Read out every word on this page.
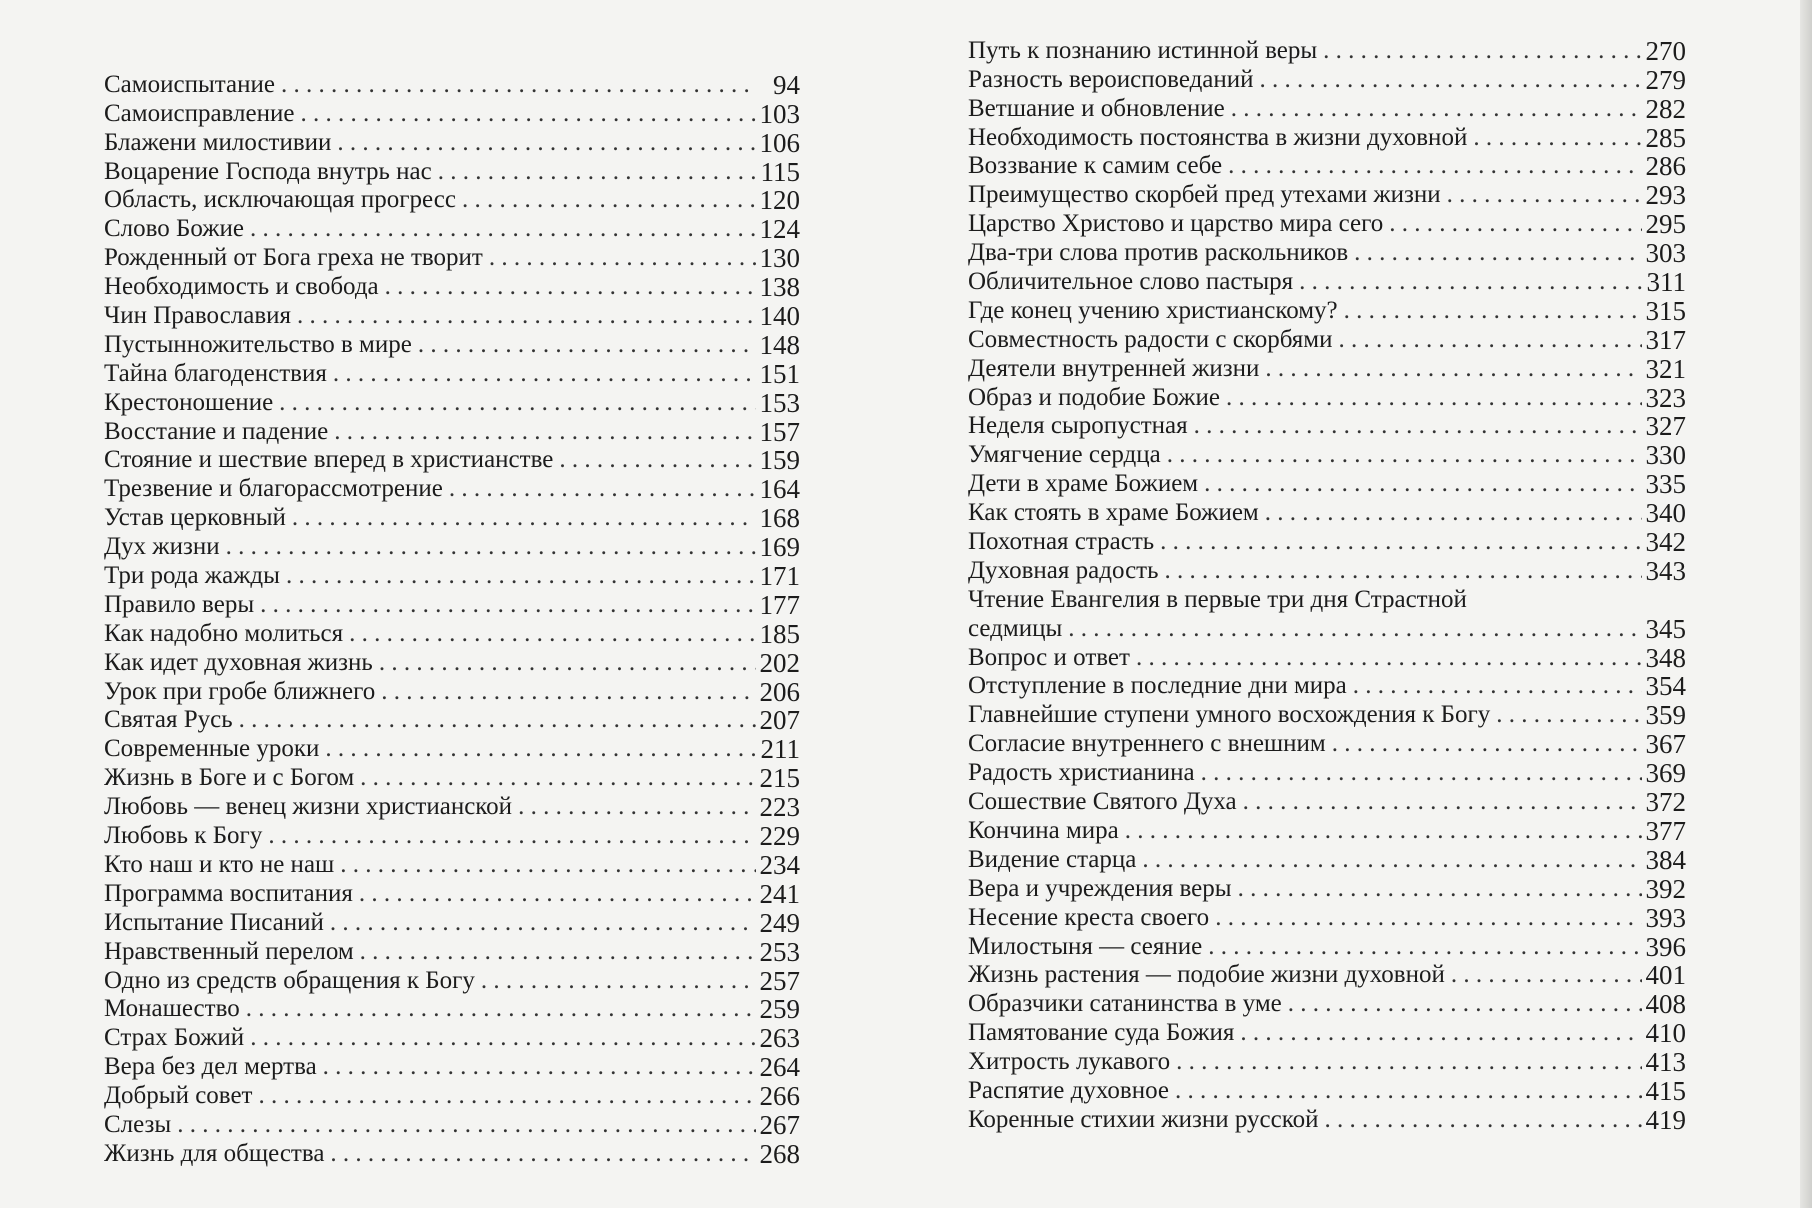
Самоиспытание . . .	94
Самоисправление . . .	103
Блажени милостивии . . .	106
Воцарение Господа внутрь нас . . .	115
Область, исключающая прогресс . . .	120
Слово Божие . . .	124
Рожденный от Бога греха не творит . . .	130
Необходимость и свобода . . .	138
Чин Православия . . .	140
Пустынножительство в мире . . .	148
Тайна благоденствия . . .	151
Крестоношение . . .	153
Восстание и падение . . .	157
Стояние и шествие вперед в христианстве . . .	159
Трезвение и благорассмотрение . . .	164
Устав церковный . . .	168
Дух жизни . . .	169
Три рода жажды . . .	171
Правило веры . . .	177
Как надобно молиться . . .	185
Как идет духовная жизнь . . .	202
Урок при гробе ближнего . . .	206
Святая Русь . . .	207
Современные уроки . . .	211
Жизнь в Боге и с Богом . . .	215
Любовь — венец жизни христианской . . .	223
Любовь к Богу . . .	229
Кто наш и кто не наш . . .	234
Программа воспитания . . .	241
Испытание Писаний . . .	249
Нравственный перелом . . .	253
Одно из средств обращения к Богу . . .	257
Монашество . . .	259
Страх Божий . . .	263
Вера без дел мертва . . .	264
Добрый совет . . .	266
Слезы . . .	267
Жизнь для общества . . .	268
Путь к познанию истинной веры . . .	270
Разность вероисповеданий . . .	279
Ветшание и обновление . . .	282
Необходимость постоянства в жизни духовной . . .	285
Воззвание к самим себе . . .	286
Преимущество скорбей пред утехами жизни . . .	293
Царство Христово и царство мира сего . . .	295
Два-три слова против раскольников . . .	303
Обличительное слово пастыря . . .	311
Где конец учению христианскому? . . .	315
Совместность радости с скорбями . . .	317
Деятели внутренней жизни . . .	321
Образ и подобие Божие . . .	323
Неделя сыропустная . . .	327
Умягчение сердца . . .	330
Дети в храме Божием . . .	335
Как стоять в храме Божием . . .	340
Похотная страсть . . .	342
Духовная радость . . .	343
Чтение Евангелия в первые три дня Страстной
седмицы . . .	345
Вопрос и ответ . . .	348
Отступление в последние дни мира . . .	354
Главнейшие ступени умного восхождения к Богу . . .	359
Согласие внутреннего с внешним . . .	367
Радость христианина . . .	369
Сошествие Святого Духа . . .	372
Кончина мира . . .	377
Видение старца . . .	384
Вера и учреждения веры . . .	392
Несение креста своего . . .	393
Милостыня — сеяние . . .	396
Жизнь растения — подобие жизни духовной . . .	401
Образчики сатанинства в уме . . .	408
Памятование суда Божия . . .	410
Хитрость лукавого . . .	413
Распятие духовное . . .	415
Коренные стихии жизни русской . . .	419
